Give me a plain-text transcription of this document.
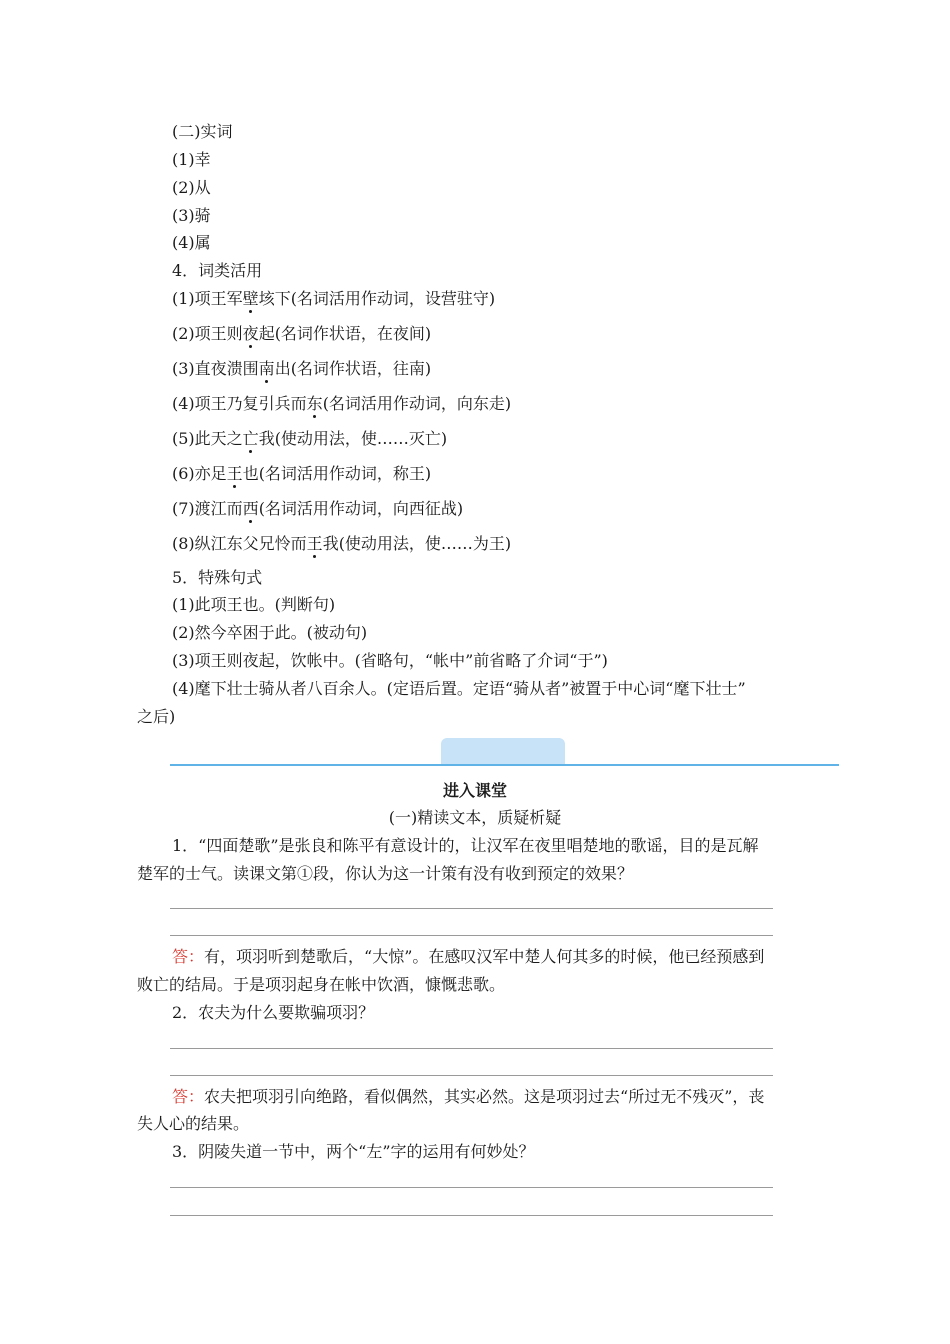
(二)实词
(1)幸
(2)从
(3)骑
(4)属
4．词类活用
(1)项王军壁垓下(名词活用作动词，设营驻守)
(2)项王则夜起(名词作状语，在夜间)
(3)直夜溃围南出(名词作状语，往南)
(4)项王乃复引兵而东(名词活用作动词，向东走)
(5)此天之亡我(使动用法，使……灭亡)
(6)亦足王也(名词活用作动词，称王)
(7)渡江而西(名词活用作动词，向西征战)
(8)纵江东父兄怜而王我(使动用法，使……为王)
5．特殊句式
(1)此项王也。(判断句)
(2)然今卒困于此。(被动句)
(3)项王则夜起，饮帐中。(省略句，“帐中”前省略了介词“于”)
(4)麾下壮士骑从者八百余人。(定语后置。定语“骑从者”被置于中心词“麾下壮士”
之后)
进入课堂
(一)精读文本，质疑析疑
1．“四面楚歌”是张良和陈平有意设计的，让汉军在夜里唱楚地的歌谣，目的是瓦解
楚军的士气。读课文第①段，你认为这一计策有没有收到预定的效果？
答：有，项羽听到楚歌后，“大惊”。在感叹汉军中楚人何其多的时候，他已经预感到
败亡的结局。于是项羽起身在帐中饮酒，慷慨悲歌。
2．农夫为什么要欺骗项羽？
答：农夫把项羽引向绝路，看似偶然，其实必然。这是项羽过去“所过无不残灭”，丧
失人心的结果。
3．阴陵失道一节中，两个“左”字的运用有何妙处？
